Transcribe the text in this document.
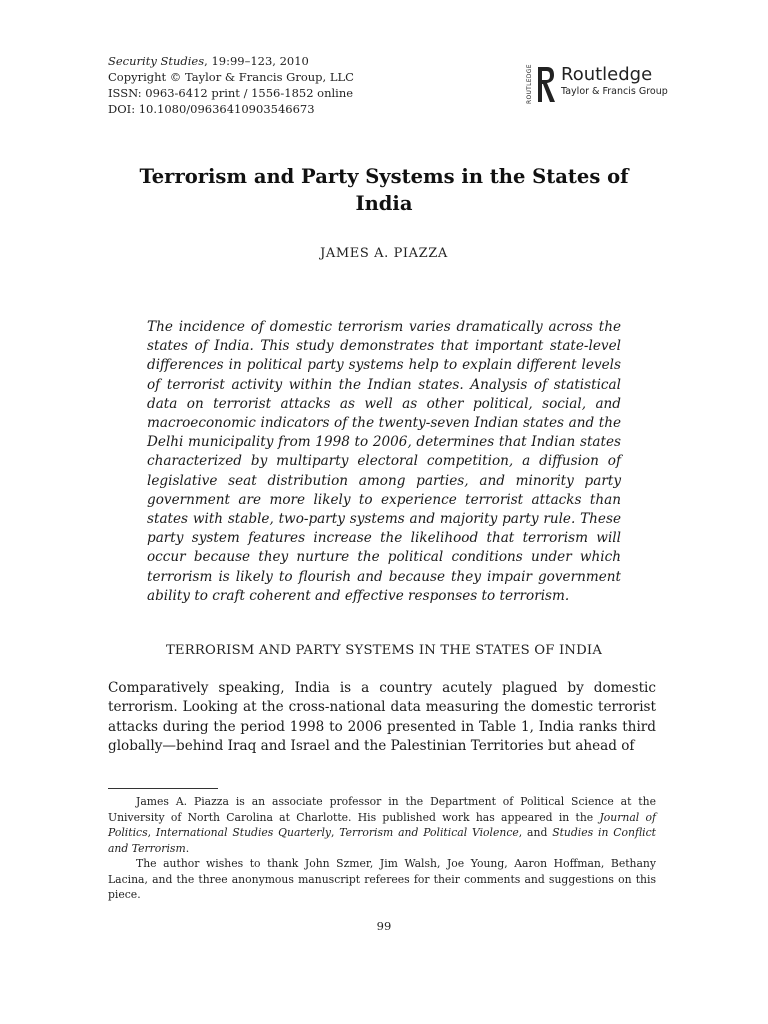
Security Studies, 19:99–123, 2010
Copyright © Taylor & Francis Group, LLC
ISSN: 0963-6412 print / 1556-1852 online
DOI: 10.1080/09636410903546673
ROUTLEDGE Routledge
Taylor & Francis Group
Terrorism and Party Systems in the States of India
JAMES A. PIAZZA

The incidence of domestic terrorism varies dramatically across the states of India. This study demonstrates that important state-level differences in political party systems help to explain different levels of terrorist activity within the Indian states. Analysis of statistical data on terrorist attacks as well as other political, social, and macroeconomic indicators of the twenty-seven Indian states and the Delhi municipality from 1998 to 2006, determines that Indian states characterized by multiparty electoral competition, a diffusion of legislative seat distribution among parties, and minority party government are more likely to experience terrorist attacks than states with stable, two-party systems and majority party rule. These party system features increase the likelihood that terrorism will occur because they nurture the political conditions under which terrorism is likely to flourish and because they impair government ability to craft coherent and effective responses to terrorism.

TERRORISM AND PARTY SYSTEMS IN THE STATES OF INDIA

Comparatively speaking, India is a country acutely plagued by domestic terrorism. Looking at the cross-national data measuring the domestic terrorist attacks during the period 1998 to 2006 presented in Table 1, India ranks third globally—behind Iraq and Israel and the Palestinian Territories but ahead of

James A. Piazza is an associate professor in the Department of Political Science at the University of North Carolina at Charlotte. His published work has appeared in the Journal of Politics, International Studies Quarterly, Terrorism and Political Violence, and Studies in Conflict and Terrorism.

The author wishes to thank John Szmer, Jim Walsh, Joe Young, Aaron Hoffman, Bethany Lacina, and the three anonymous manuscript referees for their comments and suggestions on this piece.

99
